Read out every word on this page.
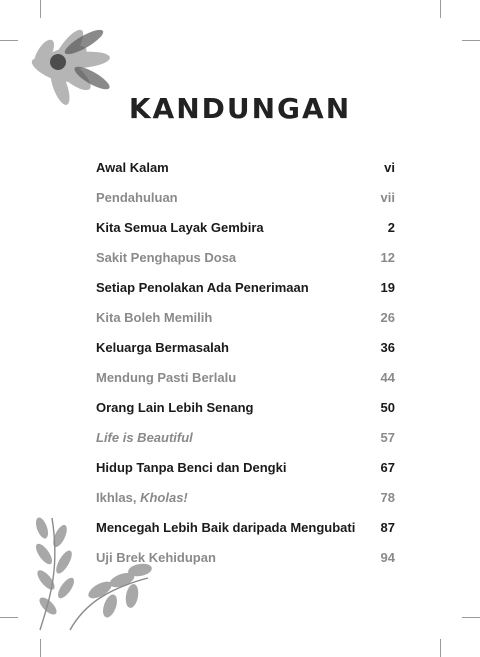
KANDUNGAN
Awal Kalam	vi
Pendahuluan	vii
Kita Semua Layak Gembira	2
Sakit Penghapus Dosa	12
Setiap Penolakan Ada Penerimaan	19
Kita Boleh Memilih	26
Keluarga Bermasalah	36
Mendung Pasti Berlalu	44
Orang Lain Lebih Senang	50
Life is Beautiful	57
Hidup Tanpa Benci dan Dengki	67
Ikhlas, Kholas!	78
Mencegah Lebih Baik daripada Mengubati 87
Uji Brek Kehidupan	94
